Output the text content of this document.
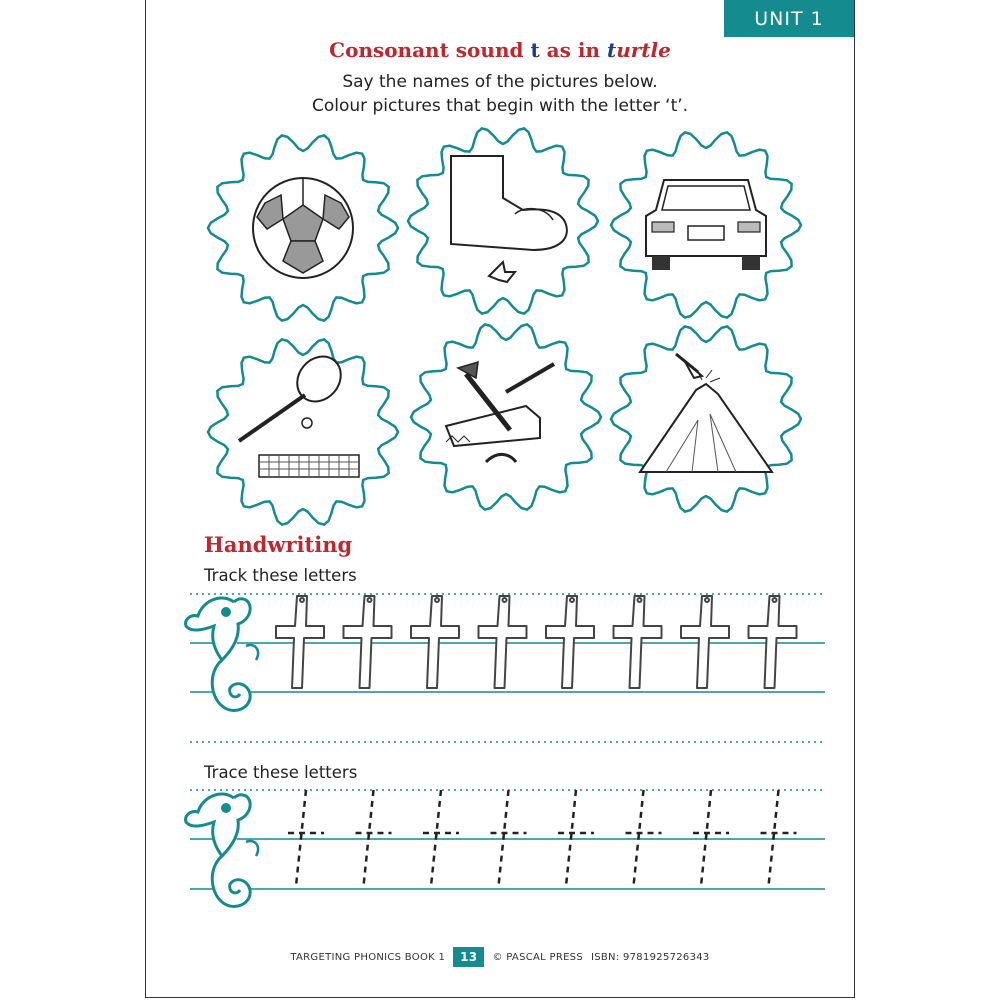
UNIT 1
Consonant sound t as in turtle
Say the names of the pictures below.
Colour pictures that begin with the letter ‘t’.
Handwriting
Track these letters
Trace these letters
TARGETING PHONICS BOOK 1	13	© PASCAL PRESS ISBN: 9781925726343
